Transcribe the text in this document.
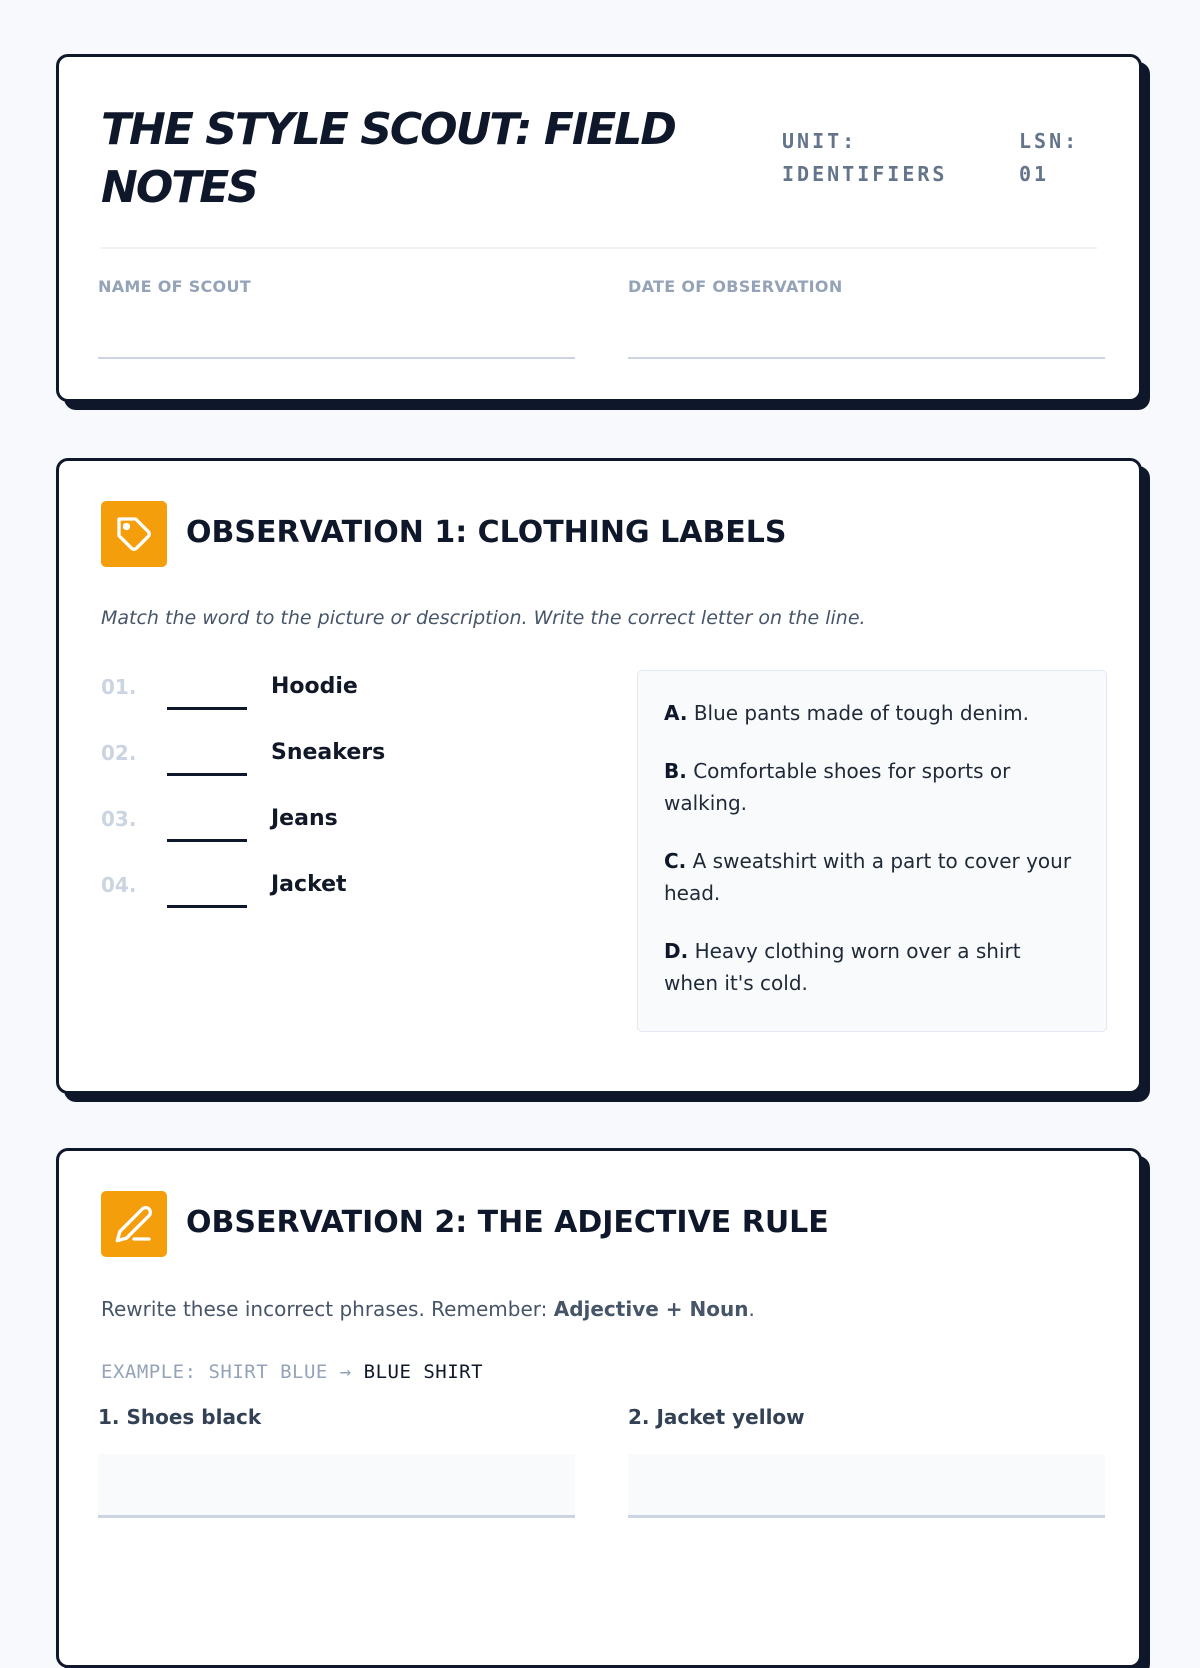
THE STYLE SCOUT: FIELD NOTES

UNIT: IDENTIFIERS

LSN: 01

NAME OF SCOUT	DATE OF OBSERVATION

OBSERVATION 1: CLOTHING LABELS

Match the word to the picture or description. Write the correct letter on the line.

01.	Hoodie
02.	Sneakers
03.	Jeans
04.	Jacket

A. Blue pants made of tough denim.

B. Comfortable shoes for sports or walking.

C. A sweatshirt with a part to cover your head.

D. Heavy clothing worn over a shirt when it's cold.

OBSERVATION 2: THE ADJECTIVE RULE

Rewrite these incorrect phrases. Remember: Adjective + Noun.

EXAMPLE: SHIRT BLUE → BLUE SHIRT

1. Shoes black	2. Jacket yellow
